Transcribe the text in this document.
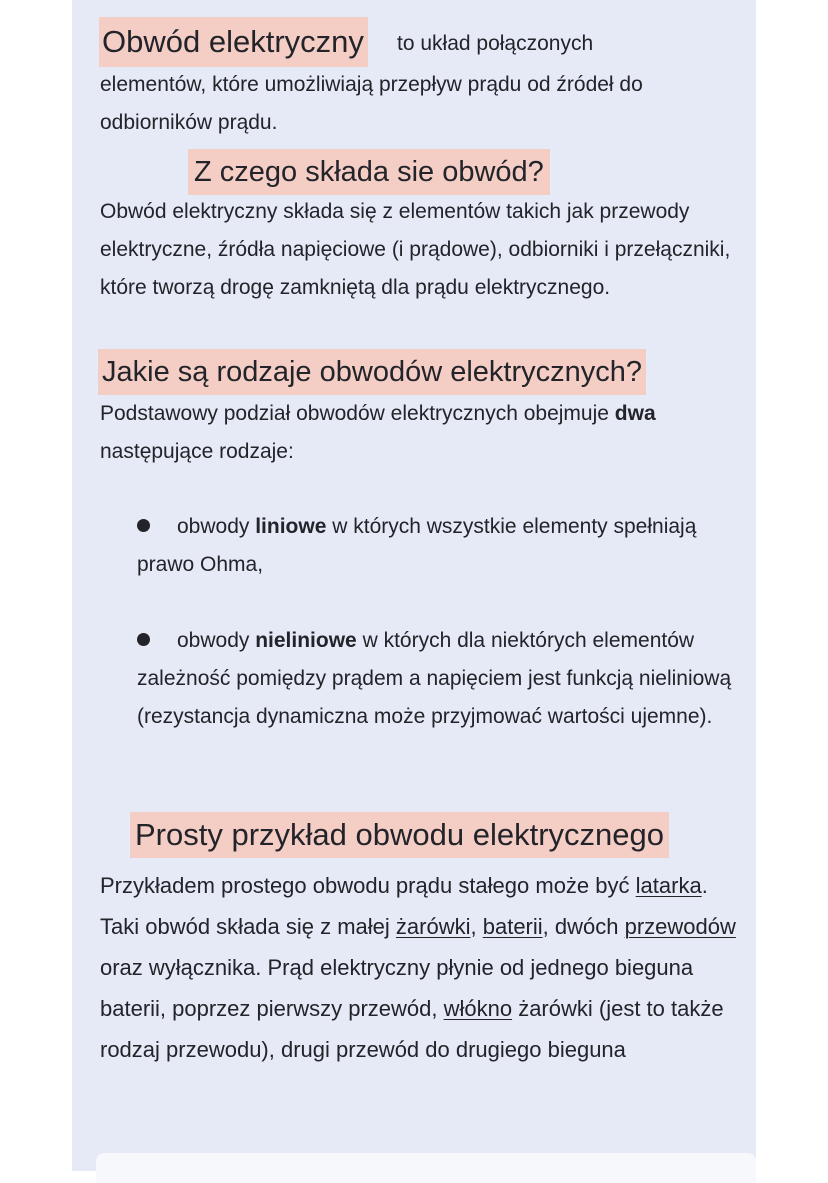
Obwód elektryczny to układ połączonych
elementów, które umożliwiają przepływ prądu od źródeł do odbiorników prądu.
Z czego składa sie obwód?
Obwód elektryczny składa się z elementów takich jak przewody elektryczne, źródła napięciowe (i prądowe), odbiorniki i przełączniki, które tworzą drogę zamkniętą dla prądu elektrycznego.
Jakie są rodzaje obwodów elektrycznych?
Podstawowy podział obwodów elektrycznych obejmuje dwa następujące rodzaje:
obwody liniowe w których wszystkie elementy spełniają prawo Ohma,
obwody nieliniowe w których dla niektórych elementów zależność pomiędzy prądem a napięciem jest funkcją nieliniową (rezystancja dynamiczna może przyjmować wartości ujemne).
Prosty przykład obwodu elektrycznego
Przykładem prostego obwodu prądu stałego może być latarka. Taki obwód składa się z małej żarówki, baterii, dwóch przewodów oraz wyłącznika. Prąd elektryczny płynie od jednego bieguna baterii, poprzez pierwszy przewód, włókno żarówki (jest to także rodzaj przewodu), drugi przewód do drugiego bieguna
